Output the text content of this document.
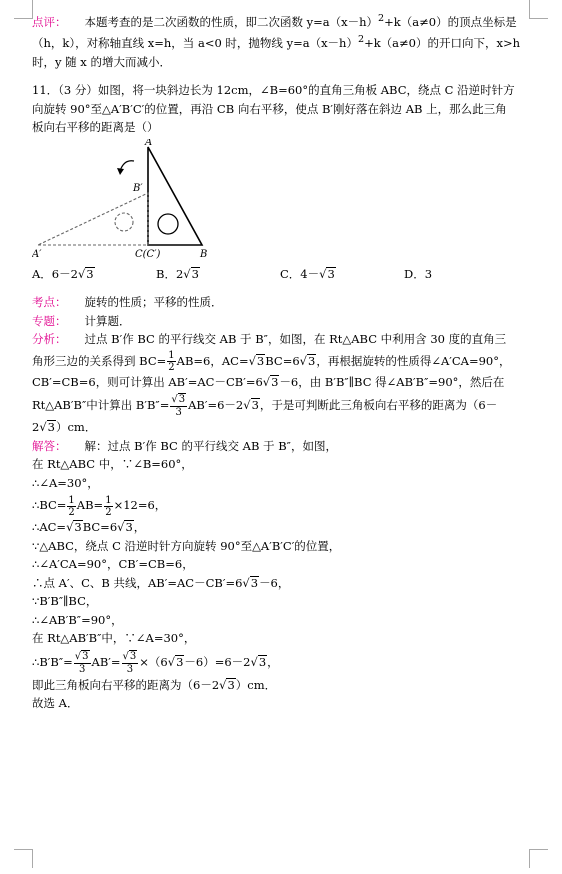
点评： 本题考查的是二次函数的性质，即二次函数 $y=a(x-h)^2+k(a\ne 0)$的顶点坐标是

（h，k），对称轴直线 x=h，当 a<0 时，抛物线 $y=a(x-h)^2+k(a\ne 0)$的开口向下，x>h

时，y 随 x 的增大而减小．

11．（3 分）如图，将一块斜边长为 12cm，∠B=60°的直角三角板 ABC，绕点 C 沿逆时针方

向旋转 90°至△A′B′C′的位置，再沿 CB 向右平移，使点 B′刚好落在斜边 AB 上，那么此三角

板向右平移的距离是（）

A
B′
A′	C(C′)	B
A．6－2√3	B．2√3	C．4－√3	D．3

考点： 旋转的性质；平移的性质．

专题： 计算题．

分析： 过点 B′作 BC 的平行线交 AB 于 B″，如图，在 Rt△ABC 中利用含 30 度的直角三

角形三边的关系得到 $BC= \frac{1}{2} AB=6$，AC=√3BC=6√3，再根据旋转的性质得∠A′CA=90°，

CB′=CB=6，则可计算出 AB′=AC－CB′=6√3－6，由 B′B″∥BC 得∠AB′B″=90°，然后在

Rt△AB′B″中计算出 $B'B''= \frac{√3}{3} AB'=6-2√3$，于是可判断此三角板向右平移的距离为（6－

2√3）cm．

解答： 解：过点 B′作 BC 的平行线交 AB 于 B″，如图，

在 Rt△ABC 中，∵∠B=60°，

∴∠A=30°，

∴BC= $\frac{1}{2} AB= \frac{1}{2} \times 12=6$，

∴AC=√3BC=6√3，

∵△ABC，绕点 C 沿逆时针方向旋转 90°至△A′B′C′的位置，

∴∠A′CA=90°，CB′=CB=6，

∴点 A′、C、B 共线，AB′=AC－CB′=6√3－6，

∵B′B″∥BC，

∴∠AB′B″=90°，

在 Rt△AB′B″中，∵∠A=30°，

∴B′B″= $\frac{√3}{3} AB'= \frac{√3}{3} \times(6√3-6)=6-2√3$，

即此三角板向右平移的距离为（6－2√3）cm．

故选 A．
